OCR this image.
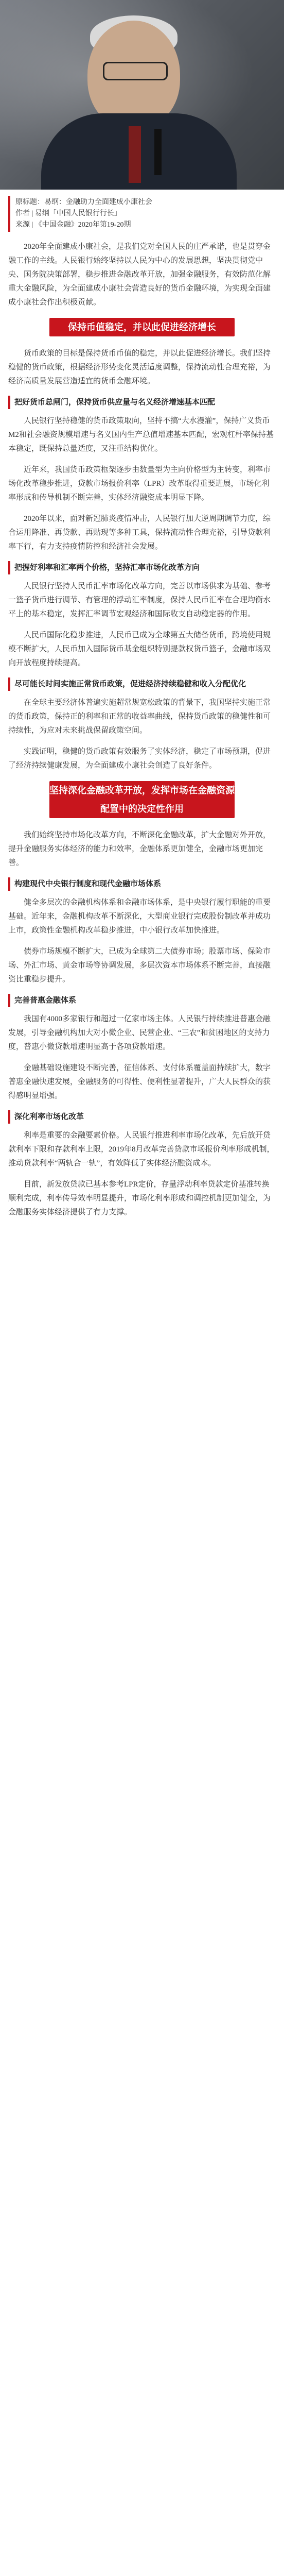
原标题：易纲：金融助力全面建成小康社会
作者 | 易纲「中国人民银行行长」
来源 | 《中国金融》2020年第19-20期

2020年全面建成小康社会，是我们党对全国人民的庄严承诺，也是贯穿金融工作的主线。人民银行始终坚持以人民为中心的发展思想，坚决贯彻党中央、国务院决策部署，稳步推进金融改革开放，加强金融服务，有效防范化解重大金融风险，为全面建成小康社会营造良好的货币金融环境，为实现全面建成小康社会作出积极贡献。

保持币值稳定，并以此促进经济增长

货币政策的目标是保持货币币值的稳定，并以此促进经济增长。我们坚持稳健的货币政策，根据经济形势变化灵活适度调整，保持流动性合理充裕，为经济高质量发展营造适宜的货币金融环境。

把好货币总闸门，保持货币供应量与名义经济增速基本匹配

人民银行坚持稳健的货币政策取向，坚持不搞“大水漫灌”，保持广义货币M2和社会融资规模增速与名义国内生产总值增速基本匹配，宏观杠杆率保持基本稳定，既保持总量适度，又注重结构优化。

近年来，我国货币政策框架逐步由数量型为主向价格型为主转变，利率市场化改革稳步推进，贷款市场报价利率（LPR）改革取得重要进展，市场化利率形成和传导机制不断完善，实体经济融资成本明显下降。

2020年以来，面对新冠肺炎疫情冲击，人民银行加大逆周期调节力度，综合运用降准、再贷款、再贴现等多种工具，保持流动性合理充裕，引导贷款利率下行，有力支持疫情防控和经济社会发展。

把握好利率和汇率两个价格，坚持汇率市场化改革方向

人民银行坚持人民币汇率市场化改革方向，完善以市场供求为基础、参考一篮子货币进行调节、有管理的浮动汇率制度，保持人民币汇率在合理均衡水平上的基本稳定，发挥汇率调节宏观经济和国际收支自动稳定器的作用。

人民币国际化稳步推进，人民币已成为全球第五大储备货币，跨境使用规模不断扩大，人民币加入国际货币基金组织特别提款权货币篮子，金融市场双向开放程度持续提高。

尽可能长时间实施正常货币政策，促进经济持续稳健和收入分配优化

在全球主要经济体普遍实施超常规宽松政策的背景下，我国坚持实施正常的货币政策，保持正的利率和正常的收益率曲线，保持货币政策的稳健性和可持续性，为应对未来挑战保留政策空间。

实践证明，稳健的货币政策有效服务了实体经济，稳定了市场预期，促进了经济持续健康发展，为全面建成小康社会创造了良好条件。

坚持深化金融改革开放，发挥市场在金融资源配置中的决定性作用

我们始终坚持市场化改革方向，不断深化金融改革，扩大金融对外开放，提升金融服务实体经济的能力和效率，金融体系更加健全，金融市场更加完善。

构建现代中央银行制度和现代金融市场体系

健全多层次的金融机构体系和金融市场体系，是中央银行履行职能的重要基础。近年来，金融机构改革不断深化，大型商业银行完成股份制改革并成功上市，政策性金融机构改革稳步推进，中小银行改革加快推进。

债券市场规模不断扩大，已成为全球第二大债券市场；股票市场、保险市场、外汇市场、黄金市场等协调发展，多层次资本市场体系不断完善，直接融资比重稳步提升。

完善普惠金融体系

我国有4000多家银行和超过一亿家市场主体。人民银行持续推进普惠金融发展，引导金融机构加大对小微企业、民营企业、“三农”和贫困地区的支持力度，普惠小微贷款增速明显高于各项贷款增速。

金融基础设施建设不断完善，征信体系、支付体系覆盖面持续扩大，数字普惠金融快速发展，金融服务的可得性、便利性显著提升，广大人民群众的获得感明显增强。

深化利率市场化改革

利率是重要的金融要素价格。人民银行推进利率市场化改革，先后放开贷款利率下限和存款利率上限，2019年8月改革完善贷款市场报价利率形成机制，推动贷款利率“两轨合一轨”，有效降低了实体经济融资成本。

目前，新发放贷款已基本参考LPR定价，存量浮动利率贷款定价基准转换顺利完成，利率传导效率明显提升，市场化利率形成和调控机制更加健全，为金融服务实体经济提供了有力支撑。
